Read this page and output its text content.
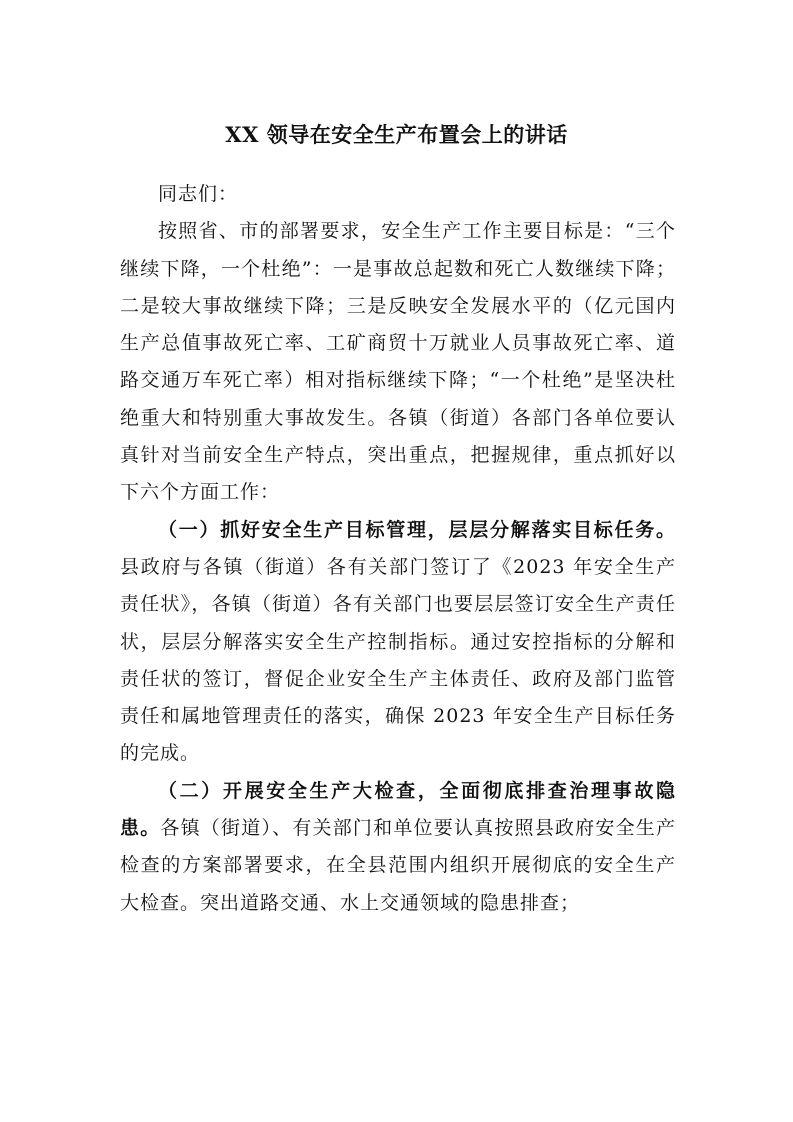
XX 领导在安全生产布置会上的讲话

同志们：

按照省、市的部署要求，安全生产工作主要目标是：“三个继续下降，一个杜绝”：一是事故总起数和死亡人数继续下降；二是较大事故继续下降；三是反映安全发展水平的（亿元国内生产总值事故死亡率、工矿商贸十万就业人员事故死亡率、道路交通万车死亡率）相对指标继续下降；“一个杜绝”是坚决杜绝重大和特别重大事故发生。各镇（街道）各部门各单位要认真针对当前安全生产特点，突出重点，把握规律，重点抓好以下六个方面工作：

（一）抓好安全生产目标管理，层层分解落实目标任务。县政府与各镇（街道）各有关部门签订了《2023 年安全生产责任状》，各镇（街道）各有关部门也要层层签订安全生产责任状，层层分解落实安全生产控制指标。通过安控指标的分解和责任状的签订，督促企业安全生产主体责任、政府及部门监管责任和属地管理责任的落实，确保 2023 年安全生产目标任务的完成。

（二）开展安全生产大检查，全面彻底排查治理事故隐患。各镇（街道）、有关部门和单位要认真按照县政府安全生产检查的方案部署要求，在全县范围内组织开展彻底的安全生产大检查。突出道路交通、水上交通领域的隐患排查；
